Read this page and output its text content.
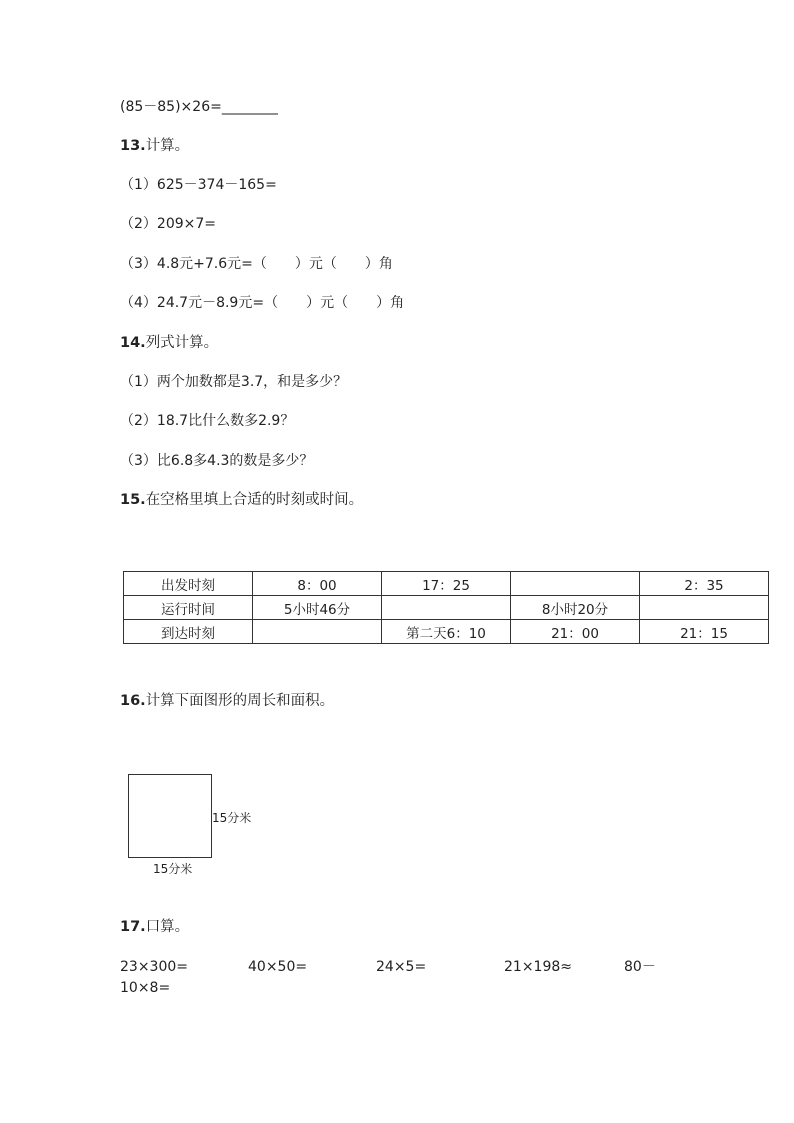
(85－85)×26=________
13.计算。
（1）625－374－165=
（2）209×7=
（3）4.8元+7.6元=（　　）元（　　）角
（4）24.7元－8.9元=（　　）元（　　）角
14.列式计算。
（1）两个加数都是3.7，和是多少？
（2）18.7比什么数多2.9？
（3）比6.8多4.3的数是多少？
15.在空格里填上合适的时刻或时间。
出发时刻	8：00	17：25		2：35
运行时间	5小时46分		8小时20分	
到达时刻		第二天6：10	21：00	21：15
16.计算下面图形的周长和面积。
15分米
15分米
17.口算。
23×300=	40×50=	24×5=	21×198≈	80－
10×8=
